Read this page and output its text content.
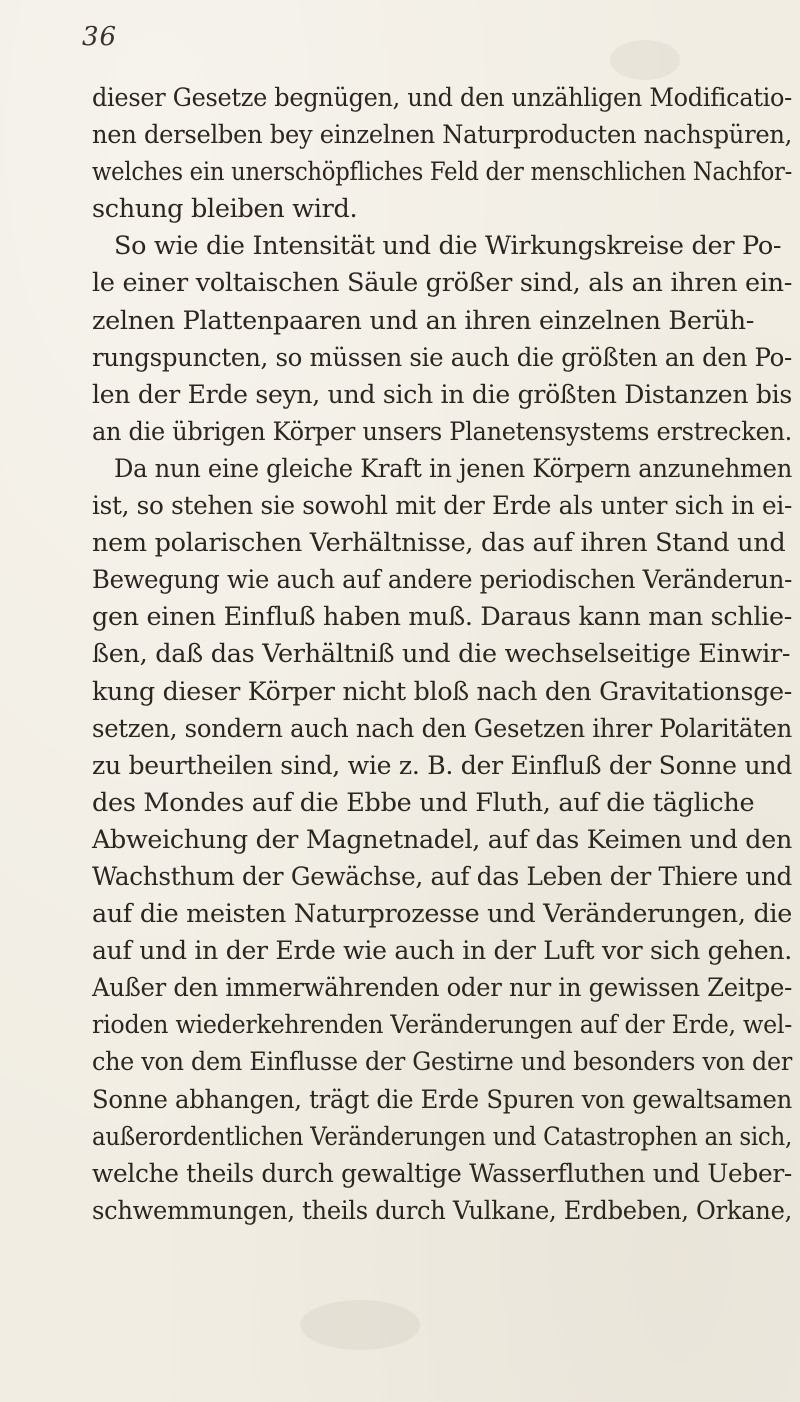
36
dieser Gesetze begnügen, und den unzähligen Modificatio-
nen derselben bey einzelnen Naturproducten nachspüren,
welches ein unerschöpfliches Feld der menschlichen Nachfor-
schung bleiben wird.
So wie die Intensität und die Wirkungskreise der Po-
le einer voltaischen Säule größer sind, als an ihren ein-
zelnen Plattenpaaren und an ihren einzelnen Berüh-
rungspuncten, so müssen sie auch die größten an den Po-
len der Erde seyn, und sich in die größten Distanzen bis
an die übrigen Körper unsers Planetensystems erstrecken.
Da nun eine gleiche Kraft in jenen Körpern anzunehmen
ist, so stehen sie sowohl mit der Erde als unter sich in ei-
nem polarischen Verhältnisse, das auf ihren Stand und
Bewegung wie auch auf andere periodischen Veränderun-
gen einen Einfluß haben muß. Daraus kann man schlie-
ßen, daß das Verhältniß und die wechselseitige Einwir-
kung dieser Körper nicht bloß nach den Gravitationsge-
setzen, sondern auch nach den Gesetzen ihrer Polaritäten
zu beurtheilen sind, wie z. B. der Einfluß der Sonne und
des Mondes auf die Ebbe und Fluth, auf die tägliche
Abweichung der Magnetnadel, auf das Keimen und den
Wachsthum der Gewächse, auf das Leben der Thiere und
auf die meisten Naturprozesse und Veränderungen, die
auf und in der Erde wie auch in der Luft vor sich gehen.
Außer den immerwährenden oder nur in gewissen Zeitpe-
rioden wiederkehrenden Veränderungen auf der Erde, wel-
che von dem Einflusse der Gestirne und besonders von der
Sonne abhangen, trägt die Erde Spuren von gewaltsamen
außerordentlichen Veränderungen und Catastrophen an sich,
welche theils durch gewaltige Wasserfluthen und Ueber-
schwemmungen, theils durch Vulkane, Erdbeben, Orkane,
